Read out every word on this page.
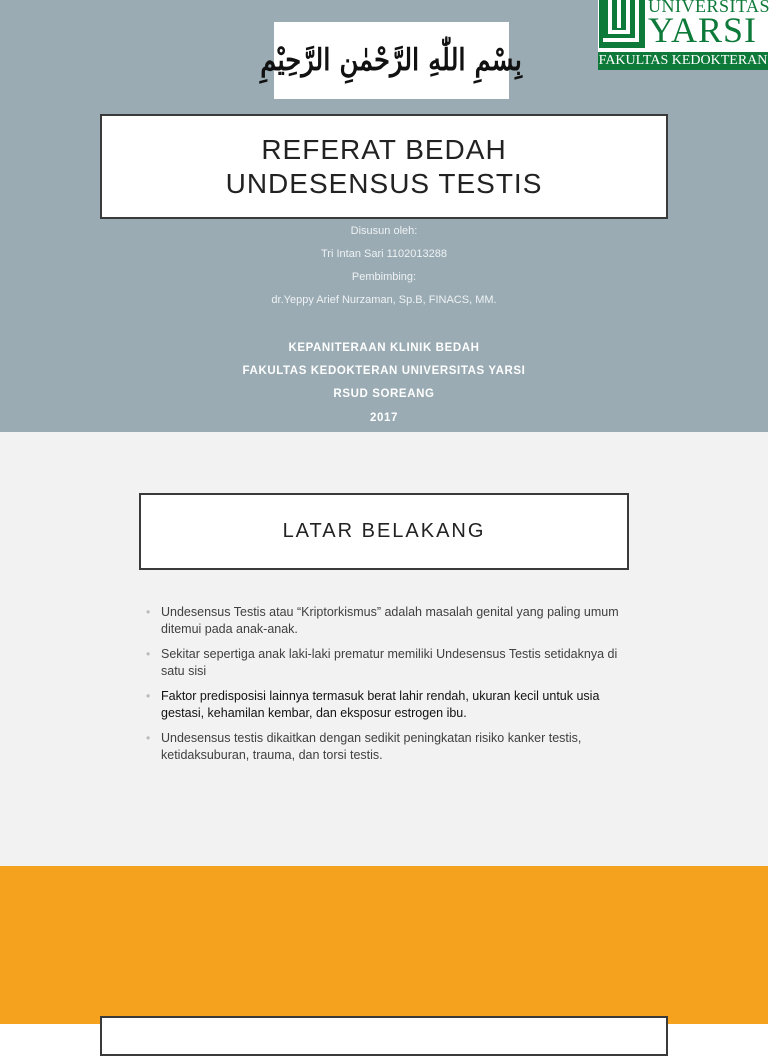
بِسْمِ اللّٰهِ الرَّحْمٰنِ الرَّحِيْمِ
UNIVERSITAS
YARSI
FAKULTAS KEDOKTERAN
REFERAT BEDAH
UNDESENSUS TESTIS
Disusun oleh:
Tri Intan Sari 1102013288
Pembimbing:
dr.Yeppy Arief Nurzaman, Sp.B, FINACS, MM.
KEPANITERAAN KLINIK BEDAH
FAKULTAS KEDOKTERAN UNIVERSITAS YARSI
RSUD SOREANG
2017
LATAR BELAKANG
• Undesensus Testis atau “Kriptorkismus” adalah masalah genital yang paling umum ditemui pada anak-anak.
• Sekitar sepertiga anak laki-laki prematur memiliki Undesensus Testis setidaknya di satu sisi
• Faktor predisposisi lainnya termasuk berat lahir rendah, ukuran kecil untuk usia gestasi, kehamilan kembar, dan eksposur estrogen ibu.
• Undesensus testis dikaitkan dengan sedikit peningkatan risiko kanker testis, ketidaksuburan, trauma, dan torsi testis.
